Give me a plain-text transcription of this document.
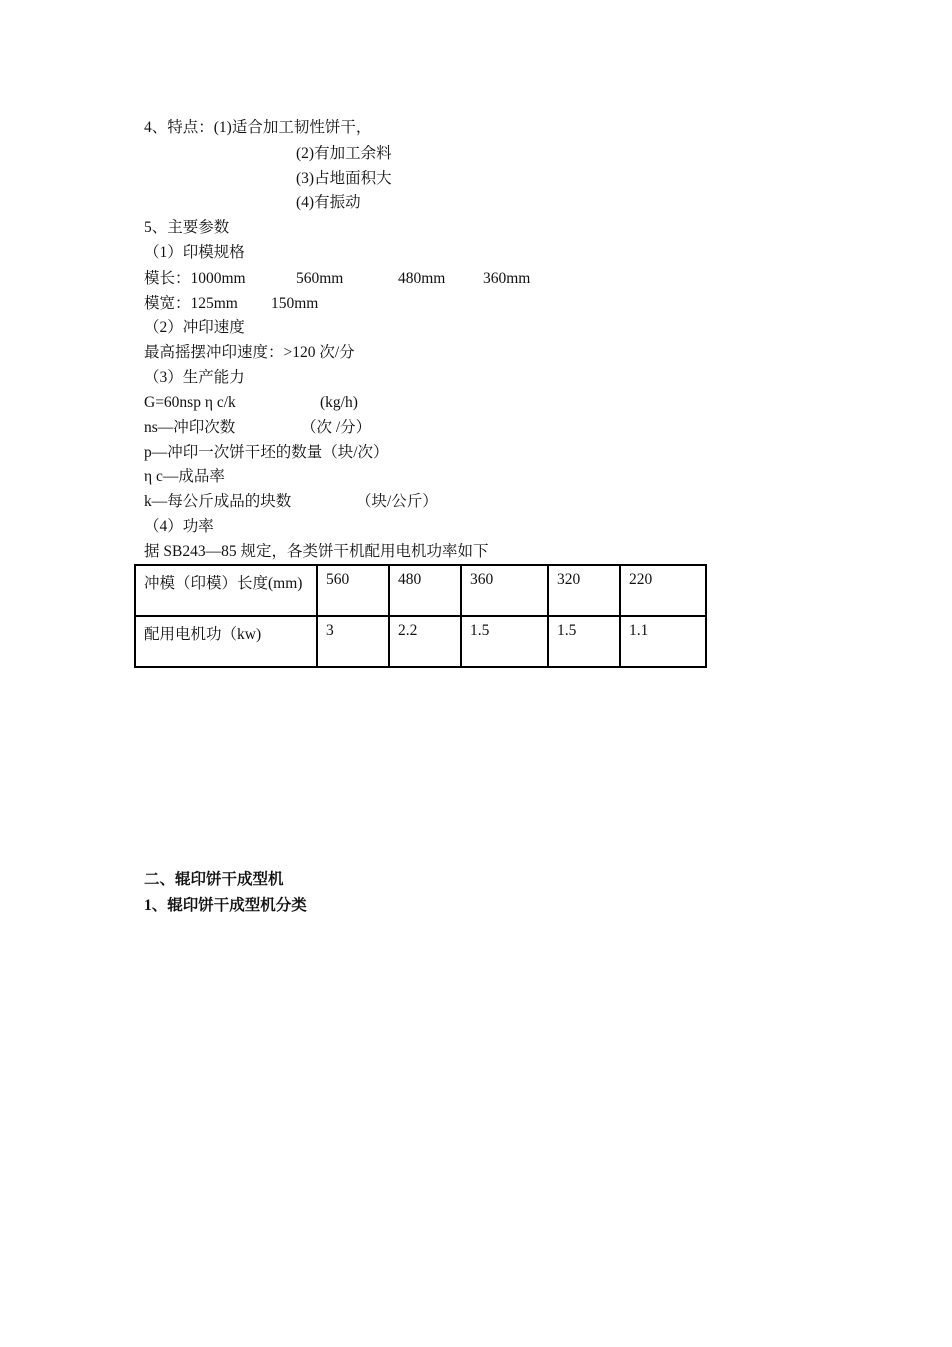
4、特点：(1)适合加工韧性饼干，
(2)有加工余料
(3)占地面积大
(4)有振动
5、主要参数
（1）印模规格
模长：1000mm	560mm	480mm 360mm
模宽：125mm 150mm
（2）冲印速度
最高摇摆冲印速度：>120 次/分
（3）生产能力
G=60nsp η c/k	(kg/h)
ns—冲印次数	（次 /分）
p—冲印一次饼干坯的数量（块/次）
η c—成品率
k—每公斤成品的块数	（块/公斤）
（4）功率
据 SB243—85 规定，各类饼干机配用电机功率如下
冲模（印模）长度(mm)	560	480	360	320	220
配用电机功（kw)	3	2.2	1.5	1.5	1.1
二、辊印饼干成型机
1、辊印饼干成型机分类
